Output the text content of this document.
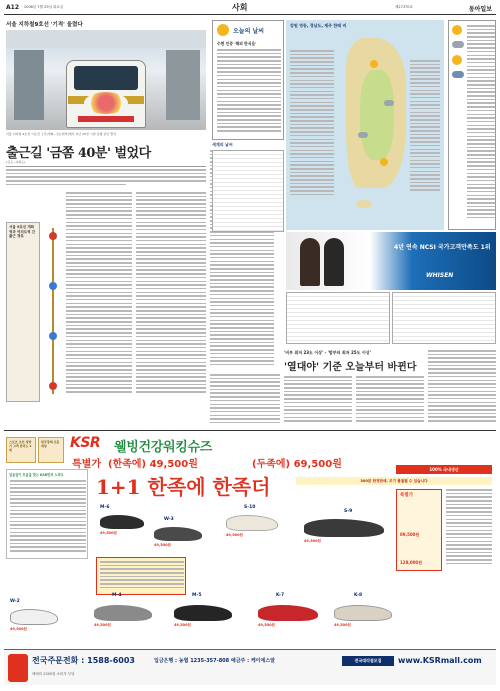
A12 2008년 7월 29일 화요일	사회	제27370호	동아일보
서울 지하철9호선 '기적' 울렸다
서울 지하철 9호선 시운전 구간(개화~신논현역)에서 지난 25일 시범 운행 중인 열차.
출근길 '금쫌 40분' 벌었다
(김포~여의도)
서울 9호선 개화역과 여의도역 간 출근 경로
오늘의 날씨
수면 인증 '해외 탄식음'
강원 영동, 경남도, 제주 한때 비
세계의 날씨
4년 연속 NCSI 국가고객만족도 1위
WHISEN
'비부 최저 23도 이상' - '밤부터 최저 25도 이상'
'열대야' 기준 오늘부터 바뀐다
스포츠 조선 상반기 고객 만족도 1위
한국경제 신문대상	KSR 웰빙건강워킹슈즈
특별가 (한족에) 49,500원	(두족에) 69,500원
걸음걸이 모음을 찾는 KSR만의 노하우 1+1 한족에 한족더
100% 국내생산
300본 한정판매, 조기 품절될 수 있습니다
특별가
89,500원
128,000원
M-6
49,500원
W-3
49,500원
S-10
49,500원
S-9
49,500원
W-2
49,500원
M-4
49,500원
M-5
49,500원
K-7
49,500원
K-8
49,500원
전국주문전화 : 1588-6003	입금은행 : 농협 1235-357-808 예금주 : 케이에스알
택배비 2500원 소비자 부담
전국대리점모집	www.KSRmall.com
